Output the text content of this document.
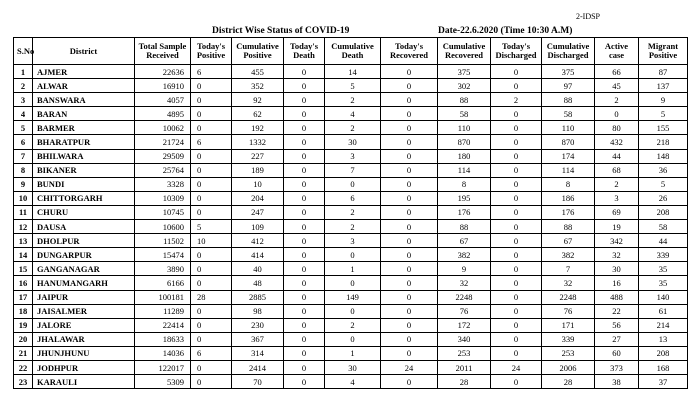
2-IDSP
District Wise Status of COVID-19	Date-22.6.2020 (Time 10:30 A.M)
S.No	District	Total Sample Received	Today's Positive	Cumulative Positive	Today's Death	Cumulative Death	Today's Recovered	Cumulative Recovered	Today's Discharged	Cumulative Discharged	Active case	Migrant Positive
1	AJMER	22636	6	455	0	14	0	375	0	375	66	87
2	ALWAR	16910	0	352	0	5	0	302	0	97	45	137
3	BANSWARA	4057	0	92	0	2	0	88	2	88	2	9
4	BARAN	4895	0	62	0	4	0	58	0	58	0	5
5	BARMER	10062	0	192	0	2	0	110	0	110	80	155
6	BHARATPUR	21724	6	1332	0	30	0	870	0	870	432	218
7	BHILWARA	29509	0	227	0	3	0	180	0	174	44	148
8	BIKANER	25764	0	189	0	7	0	114	0	114	68	36
9	BUNDI	3328	0	10	0	0	0	8	0	8	2	5
10	CHITTORGARH	10309	0	204	0	6	0	195	0	186	3	26
11	CHURU	10745	0	247	0	2	0	176	0	176	69	208
12	DAUSA	10600	5	109	0	2	0	88	0	88	19	58
13	DHOLPUR	11502	10	412	0	3	0	67	0	67	342	44
14	DUNGARPUR	15474	0	414	0	0	0	382	0	382	32	339
15	GANGANAGAR	3890	0	40	0	1	0	9	0	7	30	35
16	HANUMANGARH	6166	0	48	0	0	0	32	0	32	16	35
17	JAIPUR	100181	28	2885	0	149	0	2248	0	2248	488	140
18	JAISALMER	11289	0	98	0	0	0	76	0	76	22	61
19	JALORE	22414	0	230	0	2	0	172	0	171	56	214
20	JHALAWAR	18633	0	367	0	0	0	340	0	339	27	13
21	JHUNJHUNU	14036	6	314	0	1	0	253	0	253	60	208
22	JODHPUR	122017	0	2414	0	30	24	2011	24	2006	373	168
23	KARAULI	5309	0	70	0	4	0	28	0	28	38	37
